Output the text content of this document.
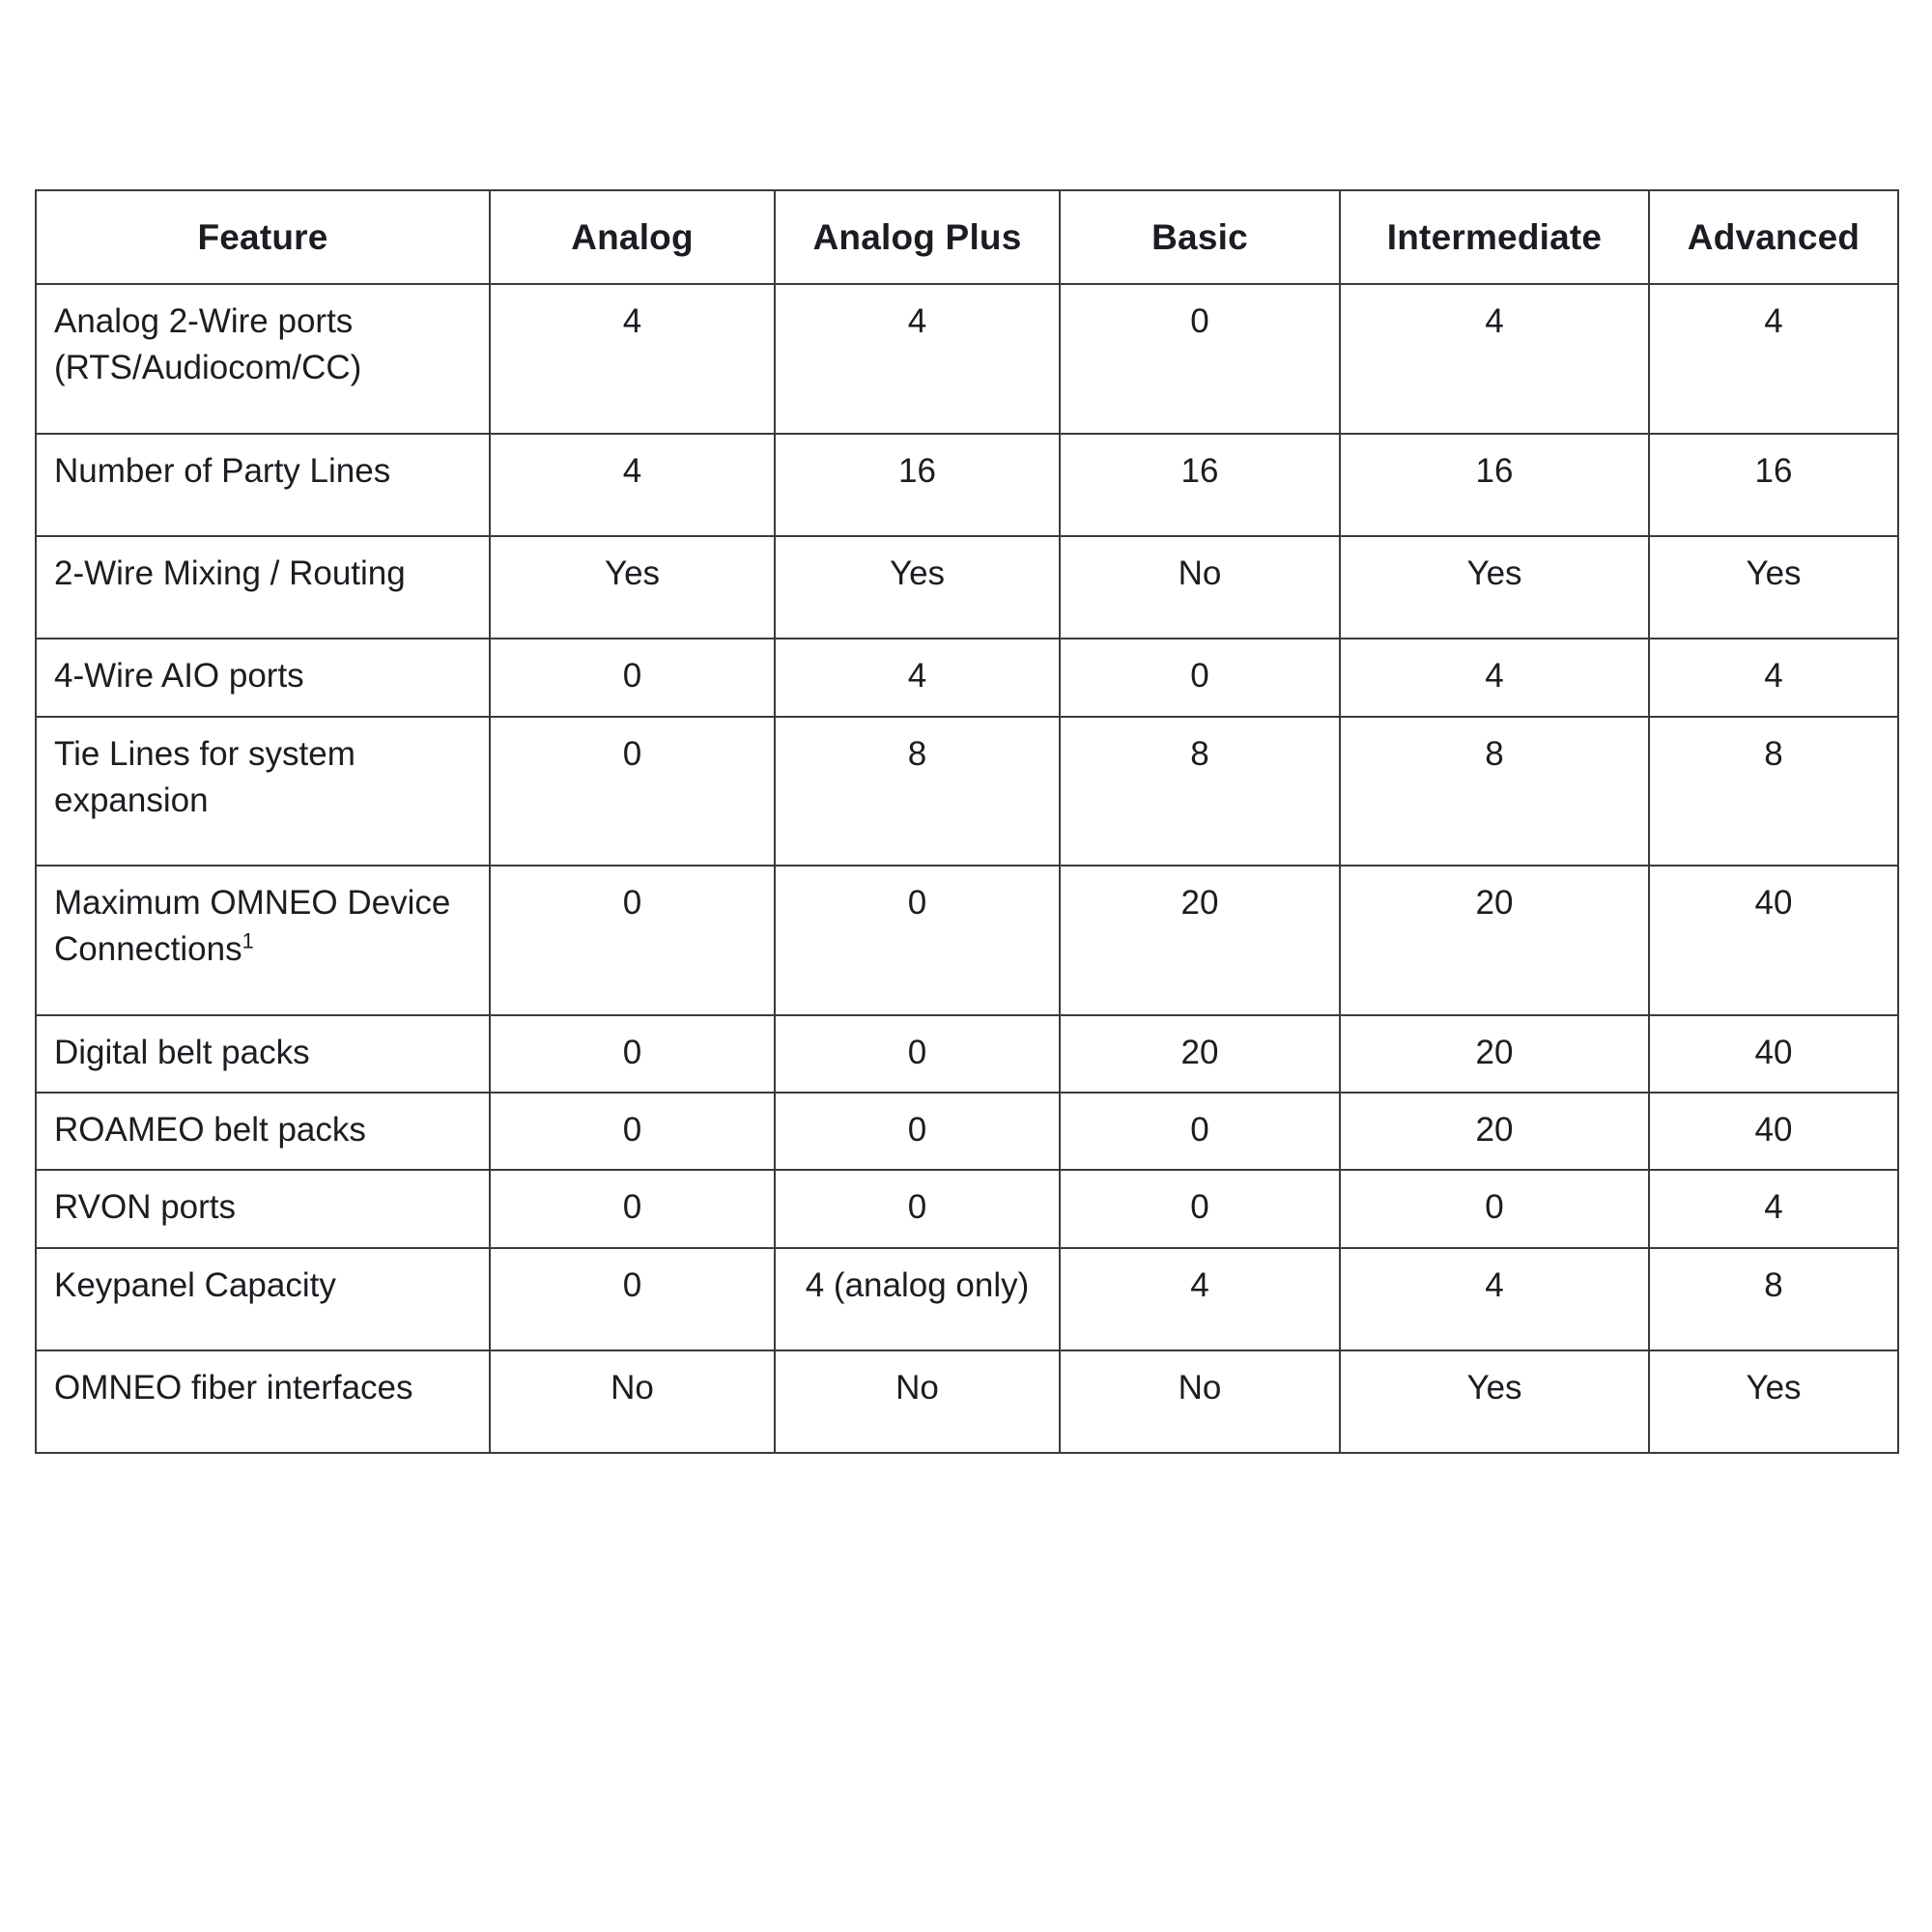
Feature	Analog	Analog Plus	Basic	Intermediate	Advanced
Analog 2-Wire ports (RTS/Audiocom/CC)	4	4	0	4	4
Number of Party Lines	4	16	16	16	16
2-Wire Mixing / Routing	Yes	Yes	No	Yes	Yes
4-Wire AIO ports	0	4	0	4	4
Tie Lines for system expansion	0	8	8	8	8
Maximum OMNEO Device Connections$^1$	0	0	20	20	40
Digital belt packs	0	0	20	20	40
ROAMEO belt packs	0	0	0	20	40
RVON ports	0	0	0	0	4
Keypanel Capacity	0	4 (analog only)	4	4	8
OMNEO fiber interfaces	No	No	No	Yes	Yes
